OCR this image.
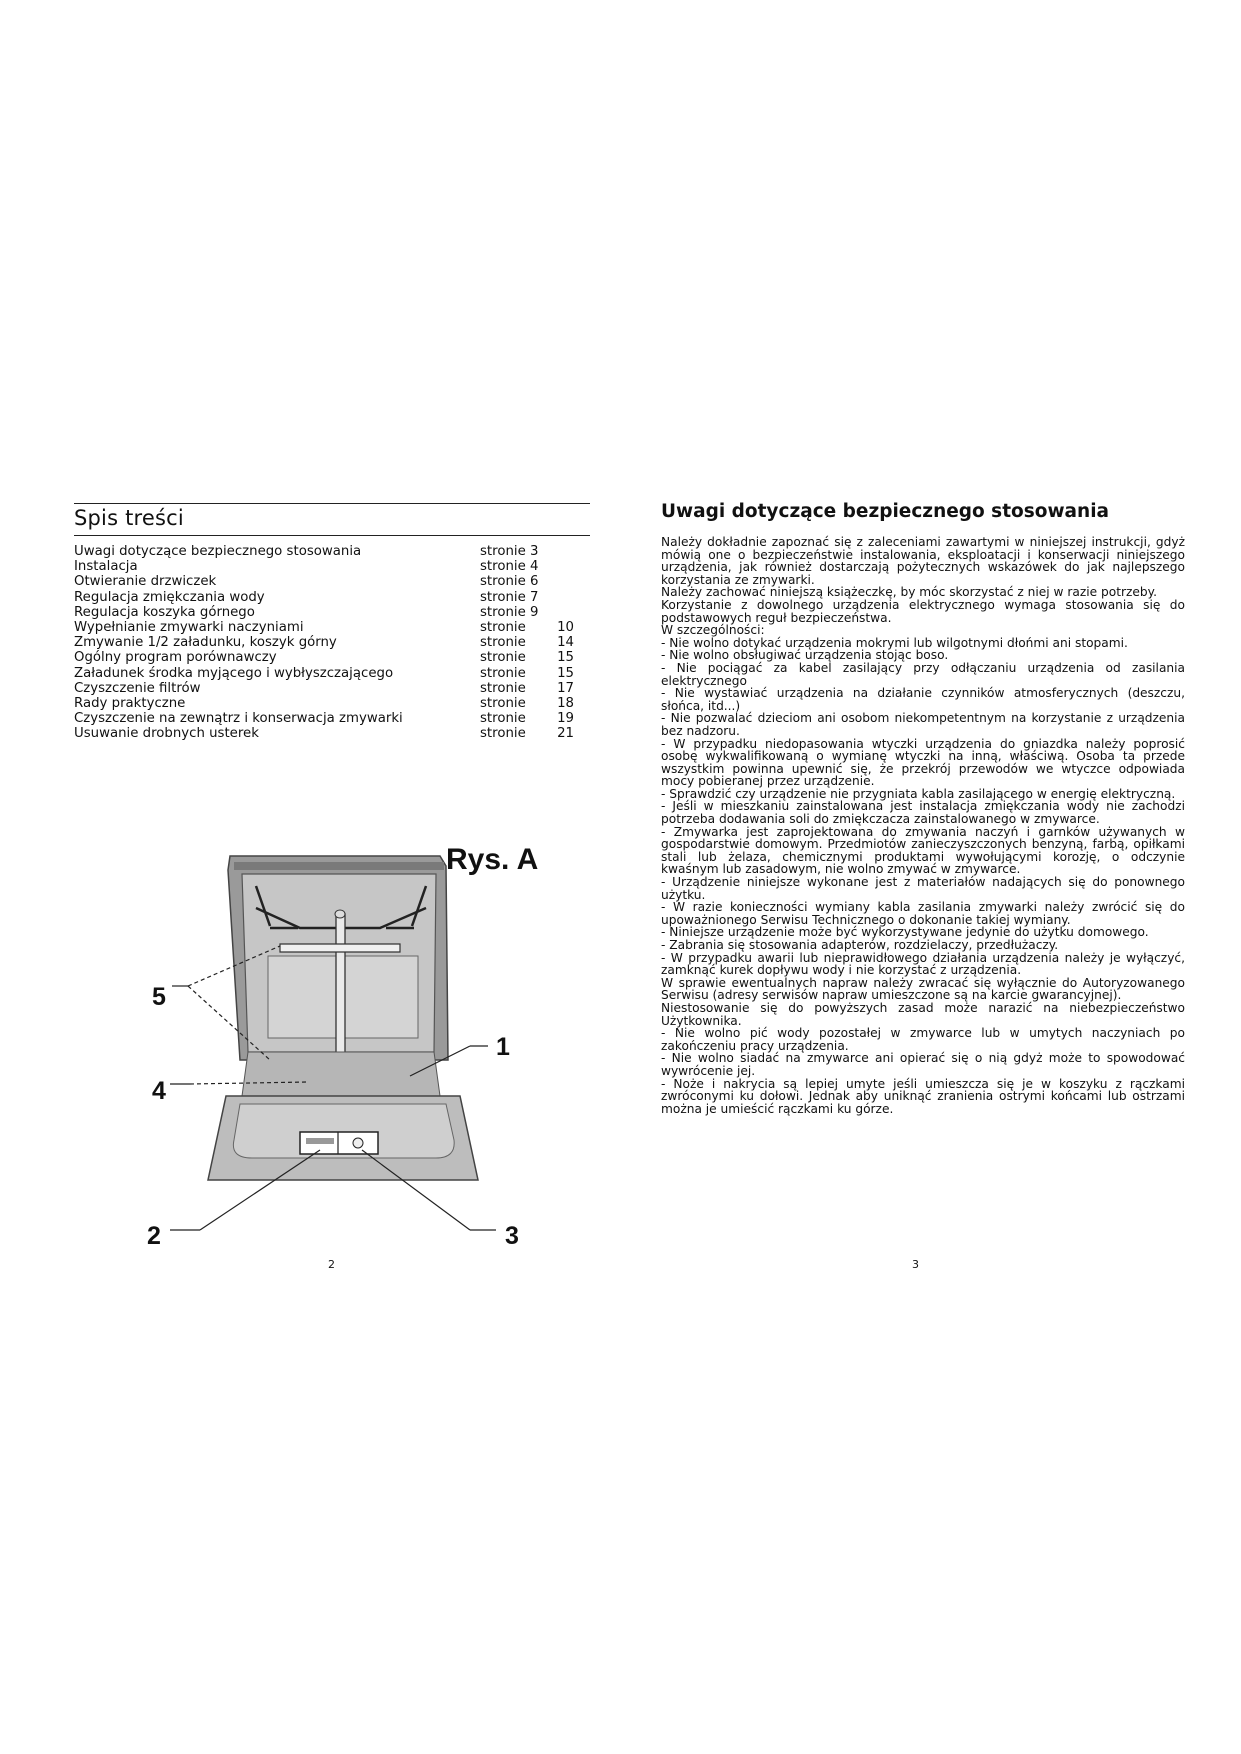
Spis treści
Uwagi dotyczące bezpiecznego stosowania	stronie 3
Instalacja	stronie 4
Otwieranie drzwiczek	stronie 6
Regulacja zmiękczania wody	stronie 7
Regulacja koszyka górnego	stronie 9
Wypełnianie zmywarki naczyniami	stronie	10
Zmywanie 1/2 załadunku, koszyk górny	stronie	14
Ogólny program porównawczy	stronie	15
Załadunek środka myjącego i wybłyszczającego	stronie	15
Czyszczenie filtrów	stronie	17
Rady praktyczne	stronie	18
Czyszczenie na zewnątrz i konserwacja zmywarki	stronie	19
Usuwanie drobnych usterek	stronie	21
Rys. A
5
4
1
2	3
2
Uwagi dotyczące bezpiecznego stosowania

Należy dokładnie zapoznać się z zaleceniami zawartymi w niniejszej instrukcji, gdyż mówią one o bezpieczeństwie instalowania, eksploatacji i konserwacji niniejszego urządzenia, jak również dostarczają pożytecznych wskazówek do jak najlepszego korzystania ze zmywarki.

Należy zachować niniejszą książeczkę, by móc skorzystać z niej w razie potrzeby.

Korzystanie z dowolnego urządzenia elektrycznego wymaga stosowania się do podstawowych reguł bezpieczeństwa.

W szczególności:

- Nie wolno dotykać urządzenia mokrymi lub wilgotnymi dłońmi ani stopami.

- Nie wolno obsługiwać urządzenia stojąc boso.

- Nie pociągać za kabel zasilający przy odłączaniu urządzenia od zasilania elektrycznego

- Nie wystawiać urządzenia na działanie czynników atmosferycznych (deszczu, słońca, itd...)

- Nie pozwalać dzieciom ani osobom niekompetentnym na korzystanie z urządzenia bez nadzoru.

- W przypadku niedopasowania wtyczki urządzenia do gniazdka należy poprosić osobę wykwalifikowaną o wymianę wtyczki na inną, właściwą. Osoba ta przede wszystkim powinna upewnić się, że przekrój przewodów we wtyczce odpowiada mocy pobieranej przez urządzenie.

- Sprawdzić czy urządzenie nie przygniata kabla zasilającego w energię elektryczną.

- Jeśli w mieszkaniu zainstalowana jest instalacja zmiękczania wody nie zachodzi potrzeba dodawania soli do zmiękczacza zainstalowanego w zmywarce.

- Zmywarka jest zaprojektowana do zmywania naczyń i garnków używanych w gospodarstwie domowym. Przedmiotów zanieczyszczonych benzyną, farbą, opiłkami stali lub żelaza, chemicznymi produktami wywołującymi korozję, o odczynie kwaśnym lub zasadowym, nie wolno zmywać w zmywarce.

- Urządzenie niniejsze wykonane jest z materiałów nadających się do ponownego użytku.

- W razie konieczności wymiany kabla zasilania zmywarki należy zwrócić się do upoważnionego Serwisu Technicznego o dokonanie takiej wymiany.

- Niniejsze urządzenie może być wykorzystywane jedynie do użytku domowego.

- Zabrania się stosowania adapterów, rozdzielaczy, przedłużaczy.

- W przypadku awarii lub nieprawidłowego działania urządzenia należy je wyłączyć, zamknąć kurek dopływu wody i nie korzystać z urządzenia.

W sprawie ewentualnych napraw należy zwracać się wyłącznie do Autoryzowanego Serwisu (adresy serwisów napraw umieszczone są na karcie gwarancyjnej).

Niestosowanie się do powyższych zasad może narazić na niebezpieczeństwo Użytkownika.

- Nie wolno pić wody pozostałej w zmywarce lub w umytych naczyniach po zakończeniu pracy urządzenia.

- Nie wolno siadać na zmywarce ani opierać się o nią gdyż może to spowodować wywrócenie jej.

- Noże i nakrycia są lepiej umyte jeśli umieszcza się je w koszyku z rączkami zwróconymi ku dołowi. Jednak aby uniknąć zranienia ostrymi końcami lub ostrzami można je umieścić rączkami ku górze.

3
